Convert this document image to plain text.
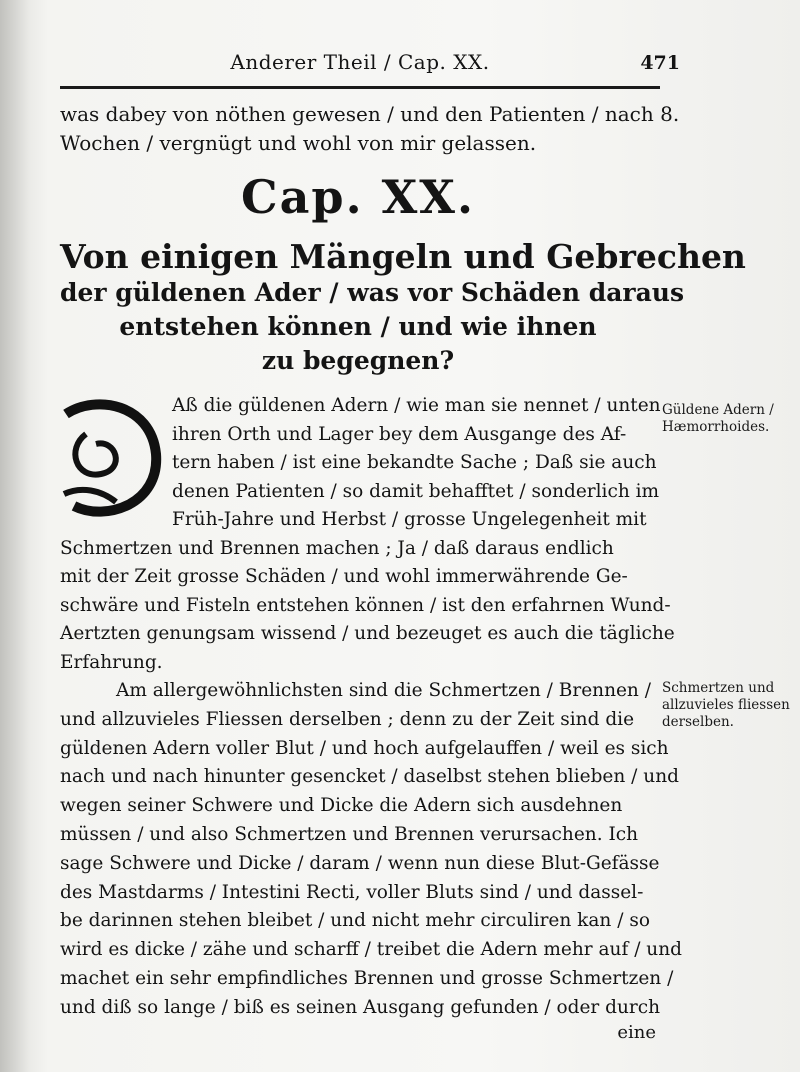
Anderer Theil / Cap. XX.	471
was dabey von nöthen gewesen / und den Patienten / nach 8.
Wochen / vergnügt und wohl von mir gelassen.
Cap. XX.
Von einigen Mängeln und Gebrechen
der güldenen Ader / was vor Schäden daraus
entstehen können / und wie ihnen
zu begegnen?
Aß die güldenen Adern / wie man sie nennet / unten
ihren Orth und Lager bey dem Ausgange des Af-
tern haben / ist eine bekandte Sache ; Daß sie auch
denen Patienten / so damit behafftet / sonderlich im
Früh-Jahre und Herbst / grosse Ungelegenheit mit
Schmertzen und Brennen machen ; Ja / daß daraus endlich
mit der Zeit grosse Schäden / und wohl immerwährende Ge-
schwäre und Fisteln entstehen können / ist den erfahrnen Wund-
Aertzten genungsam wissend / und bezeuget es auch die tägliche
Erfahrung.
Am allergewöhnlichsten sind die Schmertzen / Brennen /
und allzuvieles Fliessen derselben ; denn zu der Zeit sind die
güldenen Adern voller Blut / und hoch aufgelauffen / weil es sich
nach und nach hinunter gesencket / daselbst stehen blieben / und
wegen seiner Schwere und Dicke die Adern sich ausdehnen
müssen / und also Schmertzen und Brennen verursachen. Ich
sage Schwere und Dicke / daram / wenn nun diese Blut-Gefässe
des Mastdarms / Intestini Recti, voller Bluts sind / und dassel-
be darinnen stehen bleibet / und nicht mehr circuliren kan / so
wird es dicke / zähe und scharff / treibet die Adern mehr auf / und
machet ein sehr empfindliches Brennen und grosse Schmertzen /
und diß so lange / biß es seinen Ausgang gefunden / oder durch
eine
Güldene Adern /
Hæmorrhoides.
Schmertzen und
allzuvieles fliessen
derselben.
